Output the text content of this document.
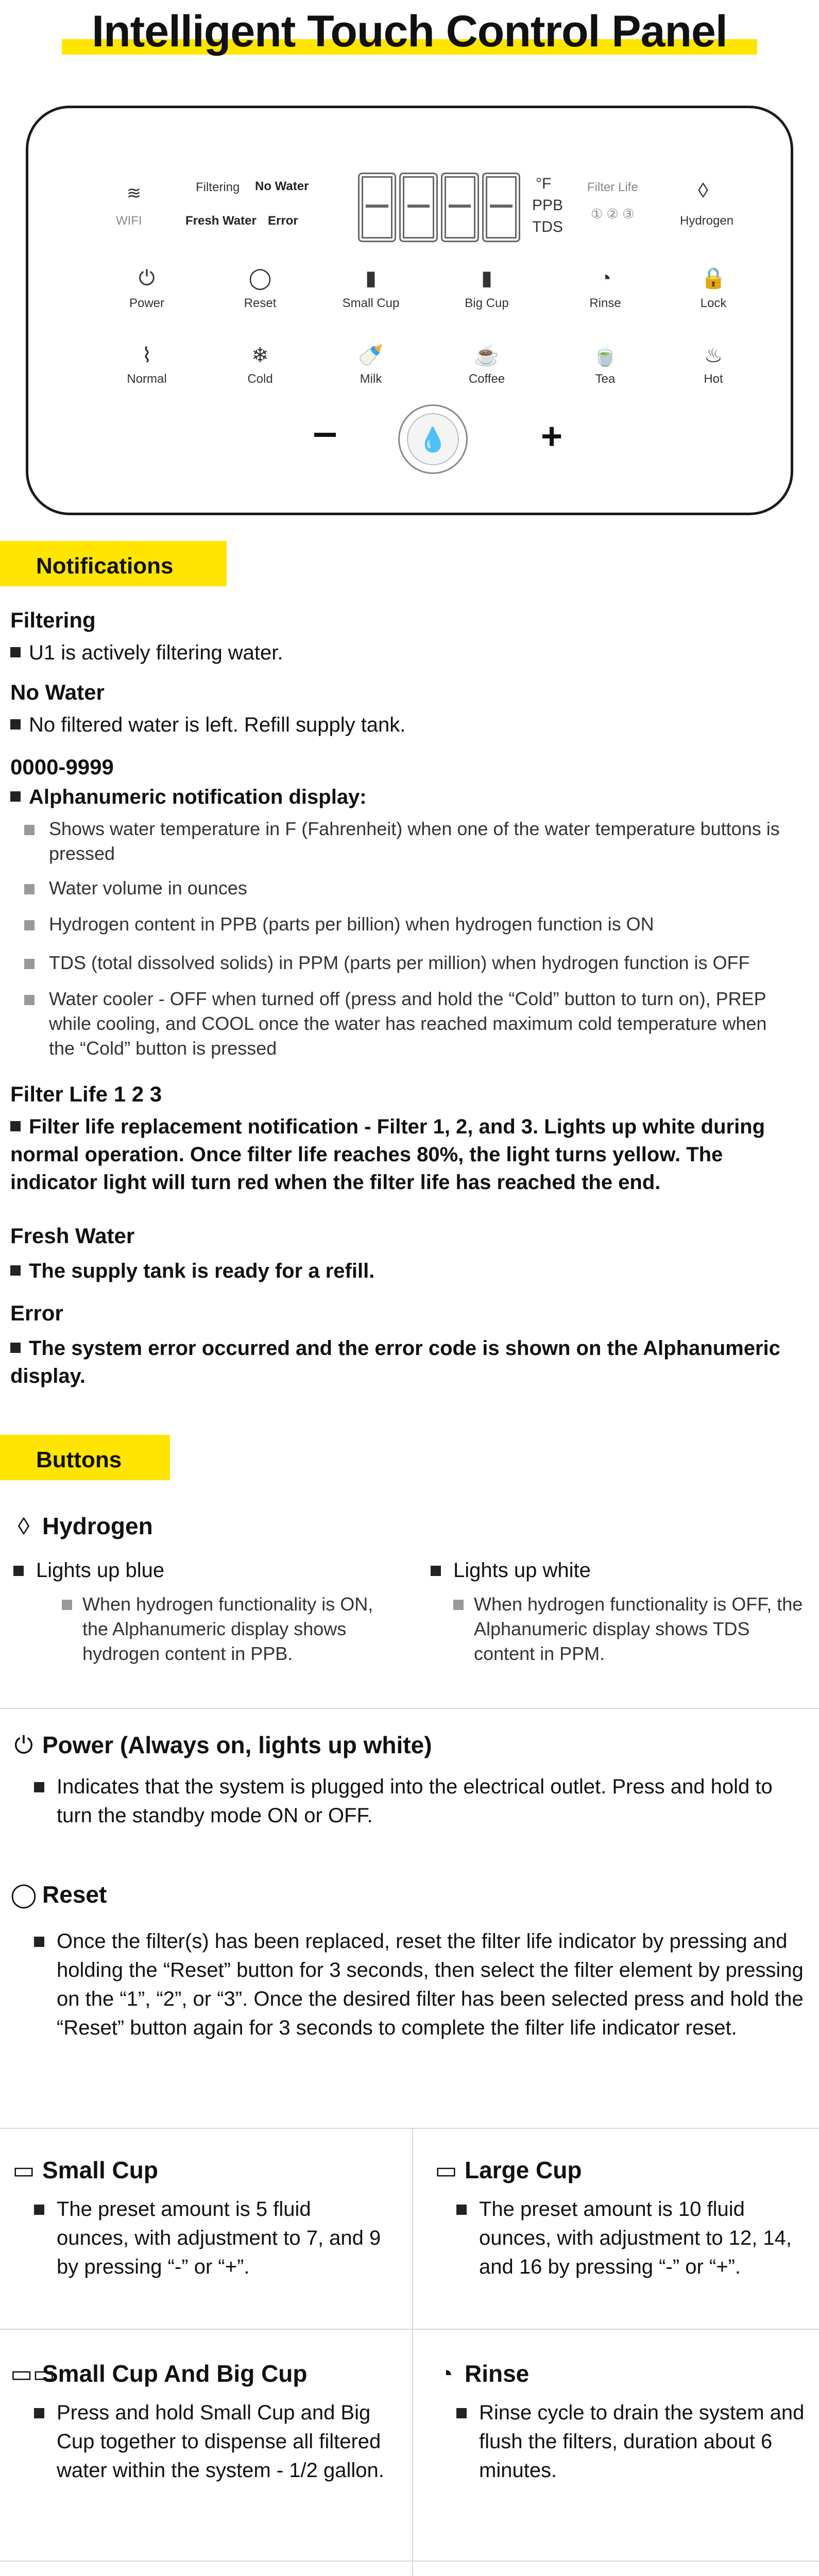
Intelligent Touch Control Panel
Filtering No Water
Fresh Water Error
°F
PPB
TDS
Filter Life
① ② ③
≋
WIFI
◊
Hydrogen
⏻
Power
◯
Reset
▮
Small Cup
▮
Big Cup
◔
Rinse
🔒
Lock
⌇
Normal
❄
Cold
🍼
Milk
☕
Coffee
🍵
Tea
♨
Hot
💧	+
Notifications
Filtering
U1 is actively filtering water.
No Water
No filtered water is left. Refill supply tank.
0000-9999
Alphanumeric notification display:
Shows water temperature in F (Fahrenheit) when one of the water temperature buttons is pressed
Water volume in ounces
Hydrogen content in PPB (parts per billion) when hydrogen function is ON
TDS (total dissolved solids) in PPM (parts per million) when hydrogen function is OFF
Water cooler - OFF when turned off (press and hold the “Cold” button to turn on), PREP while cooling, and COOL once the water has reached maximum cold temperature when the “Cold” button is pressed
Filter Life 1 2 3
Filter life replacement notification - Filter 1, 2, and 3. Lights up white during normal operation. Once filter life reaches 80%, the light turns yellow. The indicator light will turn red when the filter life has reached the end.
Fresh Water
The supply tank is ready for a refill.
Error
The system error occurred and the error code is shown on the Alphanumeric display.
Buttons
◊ Hydrogen
Lights up blue
When hydrogen functionality is ON, the Alphanumeric display shows hydrogen content in PPB.
Lights up white
When hydrogen functionality is OFF, the Alphanumeric display shows TDS content in PPM.
⏻ Power (Always on, lights up white)
Indicates that the system is plugged into the electrical outlet. Press and hold to turn the standby mode ON or OFF.
◯ Reset
Once the filter(s) has been replaced, reset the filter life indicator by pressing and holding the “Reset” button for 3 seconds, then select the filter element by pressing on the “1”, “2”, or “3”. Once the desired filter has been selected press and hold the “Reset” button again for 3 seconds to complete the filter life indicator reset.
▭ Small Cup
The preset amount is 5 fluid ounces, with adjustment to 7, and 9 by pressing “-” or “+”.
▭ Large Cup
The preset amount is 10 fluid ounces, with adjustment to 12, 14, and 16 by pressing “-” or “+”.
▭▭Small Cup And Big Cup
Press and hold Small Cup and Big Cup together to dispense all filtered water within the system - 1/2 gallon.
◔ Rinse
Rinse cycle to drain the system and flush the filters, duration about 6 minutes.
